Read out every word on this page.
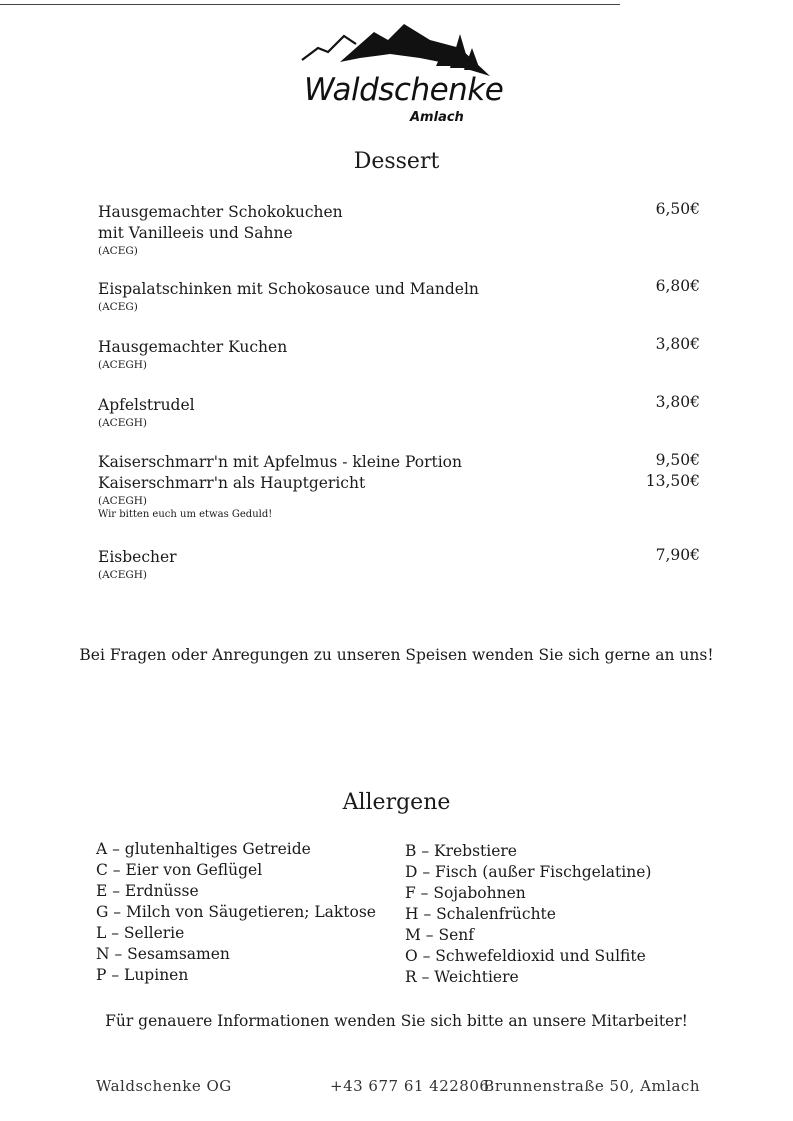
Waldschenke
Amlach
Dessert
Hausgemachter Schokokuchen
mit Vanilleeis und Sahne
(ACEG)
6,50€
Eispalatschinken mit Schokosauce und Mandeln
(ACEG)
6,80€
Hausgemachter Kuchen
(ACEGH)
3,80€
Apfelstrudel
(ACEGH)
3,80€
Kaiserschmarr'n mit Apfelmus - kleine Portion
Kaiserschmarr'n als Hauptgericht
(ACEGH)
Wir bitten euch um etwas Geduld!
9,50€
13,50€
Eisbecher
(ACEGH)
7,90€
Bei Fragen oder Anregungen zu unseren Speisen wenden Sie sich gerne an uns!
Allergene
A – glutenhaltiges Getreide
C – Eier von Geflügel
E – Erdnüsse
G – Milch von Säugetieren; Laktose
L – Sellerie
N – Sesamsamen
P – Lupinen
B – Krebstiere
D – Fisch (außer Fischgelatine)
F – Sojabohnen
H – Schalenfrüchte
M – Senf
O – Schwefeldioxid und Sulfite
R – Weichtiere
Für genauere Informationen wenden Sie sich bitte an unsere Mitarbeiter!
Waldschenke OG	+43 677 61 422806
Brunnenstraße 50, Amlach
